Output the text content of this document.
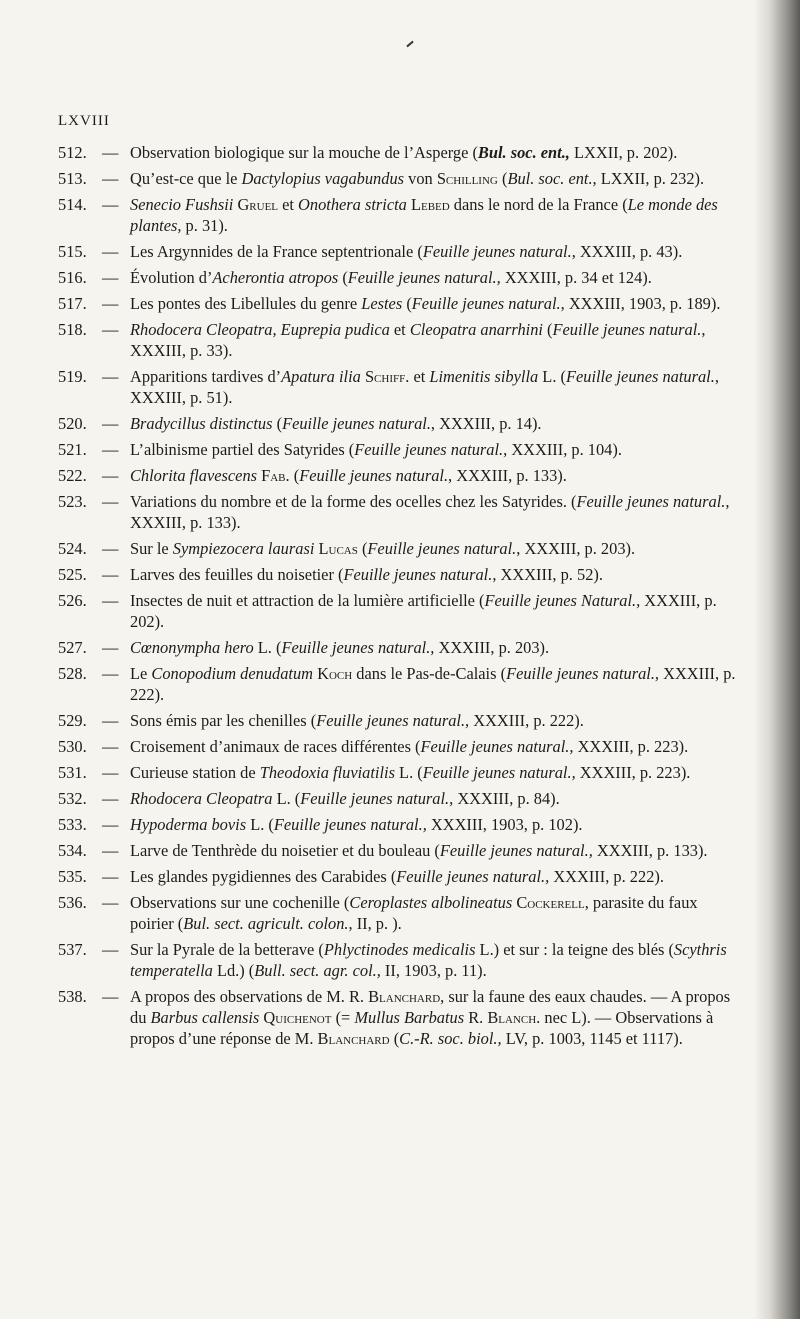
LXVIII
512. — Observation biologique sur la mouche de l’Asperge (Bul. soc. ent., LXXII, p. 202).
513. — Qu’est-ce que le Dactylopius vagabundus von Schilling (Bul. soc. ent., LXXII, p. 232).
514. — Senecio Fushsii Gruel et Onothera stricta Lebed dans le nord de la France (Le monde des plantes, p. 31).
515. — Les Argynnides de la France septentrionale (Feuille jeunes natural., XXXIII, p. 43).
516. — Évolution d’Acherontia atropos (Feuille jeunes natural., XXXIII, p. 34 et 124).
517. — Les pontes des Libellules du genre Lestes (Feuille jeunes natural., XXXIII, 1903, p. 189).
518. — Rhodocera Cleopatra, Euprepia pudica et Cleopatra anarrhini (Feuille jeunes natural., XXXIII, p. 33).
519. — Apparitions tardives d’Apatura ilia Schiff. et Limenitis sibylla L. (Feuille jeunes natural., XXXIII, p. 51).
520. — Bradycillus distinctus (Feuille jeunes natural., XXXIII, p. 14).
521. — L’albinisme partiel des Satyrides (Feuille jeunes natural., XXXIII, p. 104).
522. — Chlorita flavescens Fab. (Feuille jeunes natural., XXXIII, p. 133).
523. — Variations du nombre et de la forme des ocelles chez les Satyrides. (Feuille jeunes natural., XXXIII, p. 133).
524. — Sur le Sympiezocera laurasi Lucas (Feuille jeunes natural., XXXIII, p. 203).
525. — Larves des feuilles du noisetier (Feuille jeunes natural., XXXIII, p. 52).
526. — Insectes de nuit et attraction de la lumière artificielle (Feuille jeunes Natural., XXXIII, p. 202).
527. — Cœnonympha hero L. (Feuille jeunes natural., XXXIII, p. 203).
528. — Le Conopodium denudatum Koch dans le Pas-de-Calais (Feuille jeunes natural., XXXIII, p. 222).
529. — Sons émis par les chenilles (Feuille jeunes natural., XXXIII, p. 222).
530. — Croisement d’animaux de races différentes (Feuille jeunes natural., XXXIII, p. 223).
531. — Curieuse station de Theodoxia fluviatilis L. (Feuille jeunes natural., XXXIII, p. 223).
532. — Rhodocera Cleopatra L. (Feuille jeunes natural., XXXIII, p. 84).
533. — Hypoderma bovis L. (Feuille jeunes natural., XXXIII, 1903, p. 102).
534. — Larve de Tenthrède du noisetier et du bouleau (Feuille jeunes natural., XXXIII, p. 133).
535. — Les glandes pygidiennes des Carabides (Feuille jeunes natural., XXXIII, p. 222).
536. — Observations sur une cochenille (Ceroplastes albolineatus Cockerell, parasite du faux poirier (Bul. sect. agricult. colon., II, p. ).
537. — Sur la Pyrale de la betterave (Phlyctinodes medicalis L.) et sur : la teigne des blés (Scythris temperatella Ld.) (Bull. sect. agr. col., II, 1903, p. 11).
538. — A propos des observations de M. R. Blanchard, sur la faune des eaux chaudes. — A propos du Barbus callensis Quichenot (= Mullus Barbatus R. Blanch. nec L). — Observations à propos d’une réponse de M. Blanchard (C.-R. soc. biol., LV, p. 1003, 1145 et 1117).
